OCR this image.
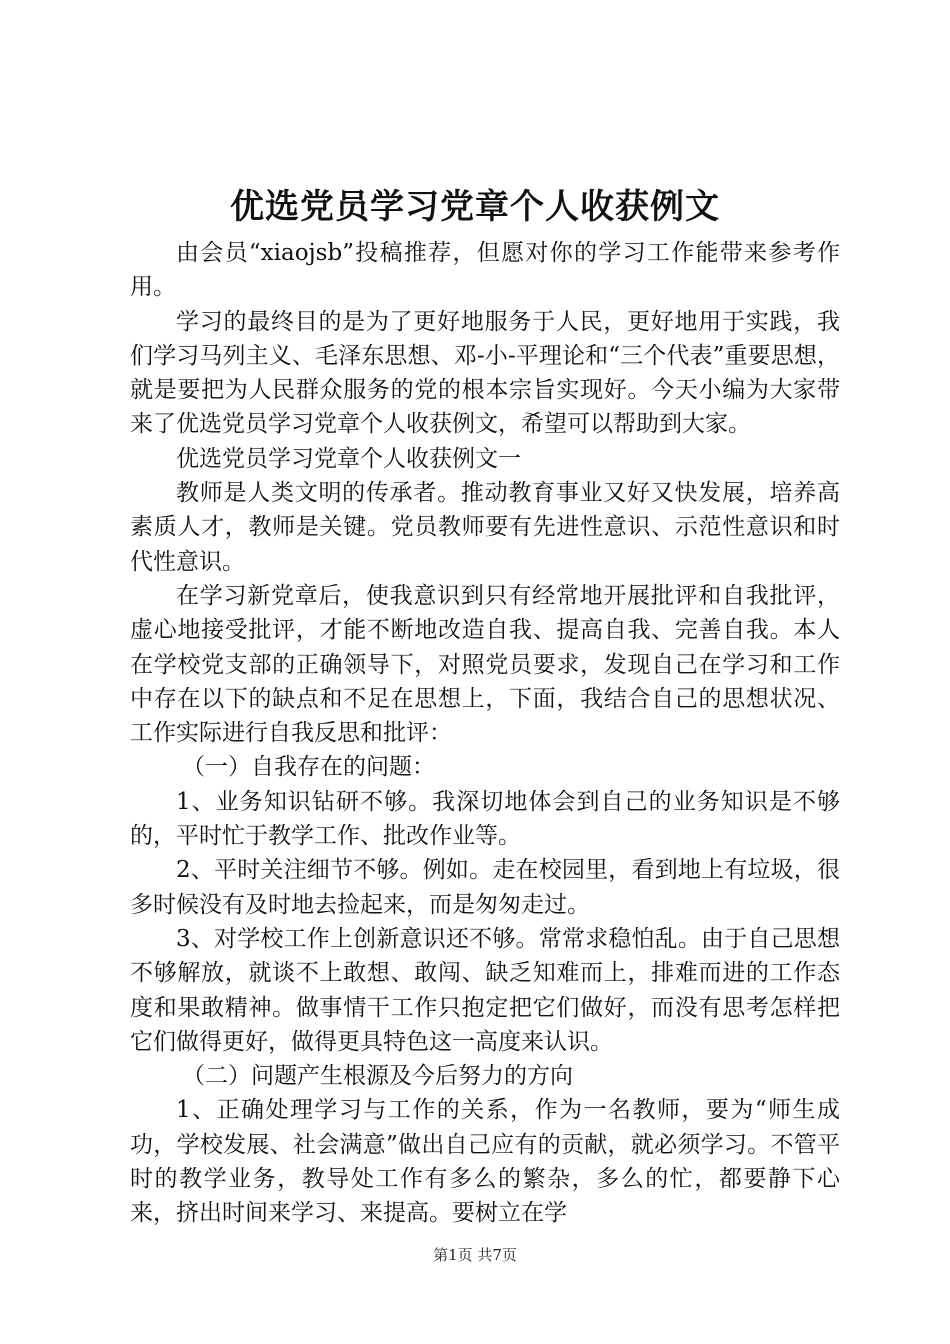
优选党员学习党章个人收获例文

由会员“xiaojsb”投稿推荐，但愿对你的学习工作能带来参考作用。

学习的最终目的是为了更好地服务于人民，更好地用于实践，我们学习马列主义、毛泽东思想、邓-小-平理论和“三个代表”重要思想，就是要把为人民群众服务的党的根本宗旨实现好。今天小编为大家带来了优选党员学习党章个人收获例文，希望可以帮助到大家。

优选党员学习党章个人收获例文一

教师是人类文明的传承者。推动教育事业又好又快发展，培养高素质人才，教师是关键。党员教师要有先进性意识、示范性意识和时代性意识。

在学习新党章后，使我意识到只有经常地开展批评和自我批评，虚心地接受批评，才能不断地改造自我、提高自我、完善自我。本人在学校党支部的正确领导下，对照党员要求，发现自己在学习和工作中存在以下的缺点和不足在思想上，下面，我结合自己的思想状况、工作实际进行自我反思和批评：

（一）自我存在的问题：

1、业务知识钻研不够。我深切地体会到自己的业务知识是不够的，平时忙于教学工作、批改作业等。

2、平时关注细节不够。例如。走在校园里，看到地上有垃圾，很多时候没有及时地去捡起来，而是匆匆走过。

3、对学校工作上创新意识还不够。常常求稳怕乱。由于自己思想不够解放，就谈不上敢想、敢闯、缺乏知难而上，排难而进的工作态度和果敢精神。做事情干工作只抱定把它们做好，而没有思考怎样把它们做得更好，做得更具特色这一高度来认识。

（二）问题产生根源及今后努力的方向

1、正确处理学习与工作的关系，作为一名教师，要为“师生成功，学校发展、社会满意”做出自己应有的贡献，就必须学习。不管平时的教学业务，教导处工作有多么的繁杂，多么的忙，都要静下心来，挤出时间来学习、来提高。要树立在学

第1页 共7页
